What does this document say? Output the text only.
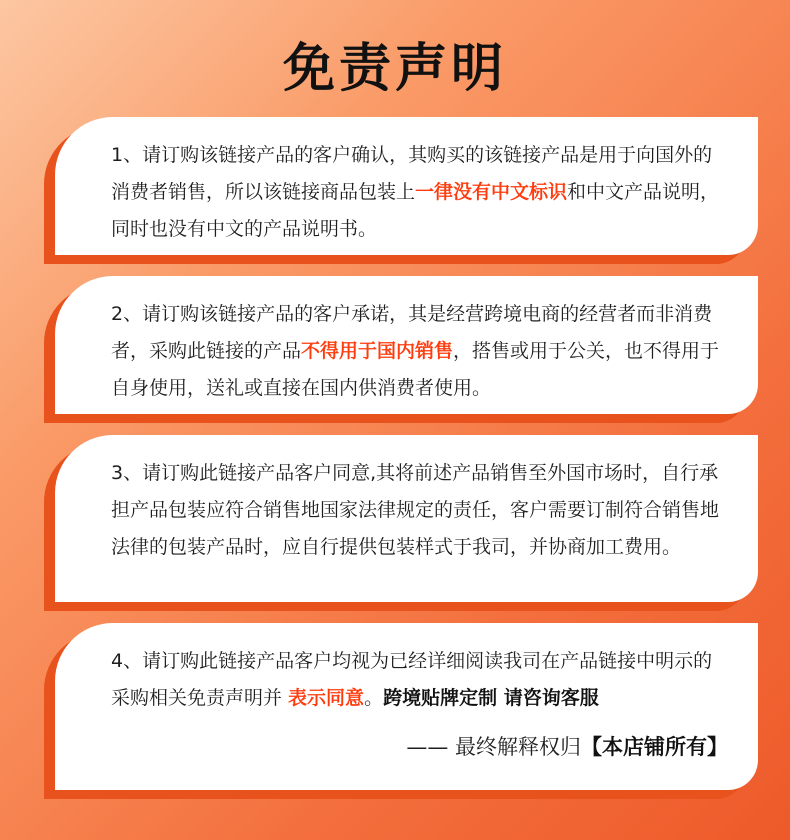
免责声明
1、请订购该链接产品的客户确认，其购买的该链接产品是用于向国外的消费者销售，所以该链接商品包装上一律没有中文标识和中文产品说明，同时也没有中文的产品说明书。
2、请订购该链接产品的客户承诺，其是经营跨境电商的经营者而非消费者，采购此链接的产品不得用于国内销售，搭售或用于公关，也不得用于自身使用，送礼或直接在国内供消费者使用。
3、请订购此链接产品客户同意,其将前述产品销售至外国市场时，自行承担产品包装应符合销售地国家法律规定的责任，客户需要订制符合销售地法律的包装产品时，应自行提供包装样式于我司，并协商加工费用。
4、请订购此链接产品客户均视为已经详细阅读我司在产品链接中明示的采购相关免责声明并 表示同意。跨境贴牌定制 请咨询客服
—— 最终解释权归【本店铺所有】
